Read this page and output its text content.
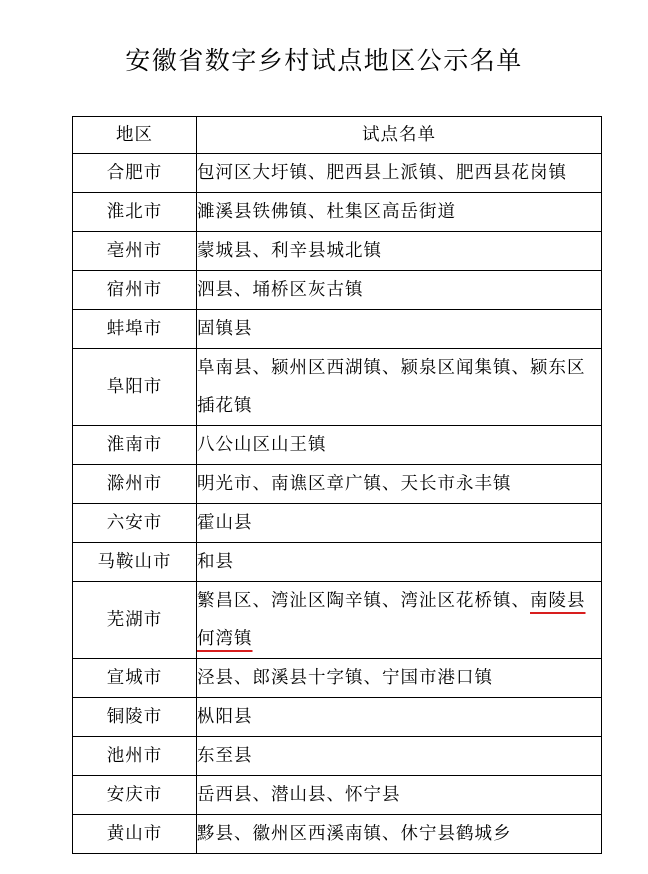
安徽省数字乡村试点地区公示名单
地区	试点名单
合肥市	包河区大圩镇、肥西县上派镇、肥西县花岗镇
淮北市	濉溪县铁佛镇、杜集区高岳街道
亳州市	蒙城县、利辛县城北镇
宿州市	泗县、埇桥区灰古镇
蚌埠市	固镇县
阜阳市	阜南县、颍州区西湖镇、颍泉区闻集镇、颍东区插花镇
淮南市	八公山区山王镇
滁州市	明光市、南谯区章广镇、天长市永丰镇
六安市	霍山县
马鞍山市	和县
芜湖市	繁昌区、湾沚区陶辛镇、湾沚区花桥镇、南陵县何湾镇
宣城市	泾县、郎溪县十字镇、宁国市港口镇
铜陵市	枞阳县
池州市	东至县
安庆市	岳西县、潜山县、怀宁县
黄山市	黟县、徽州区西溪南镇、休宁县鹤城乡
